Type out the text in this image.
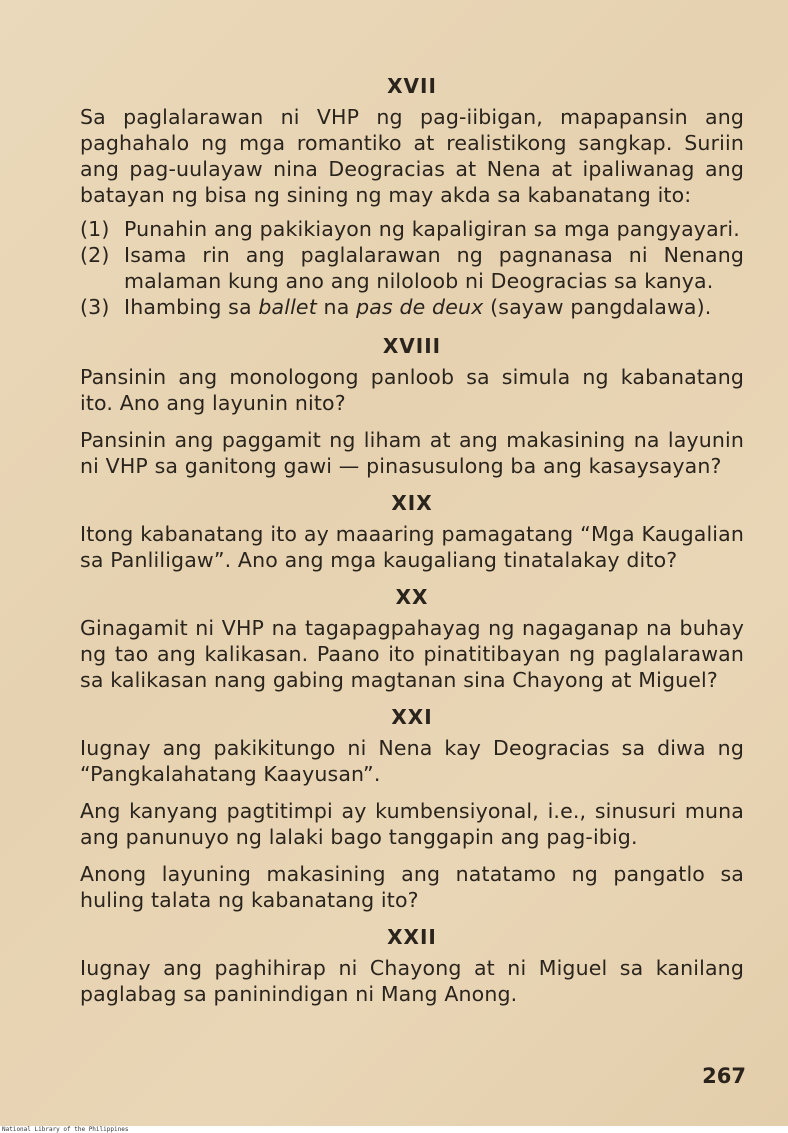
XVII

Sa paglalarawan ni VHP ng pag-iibigan, mapapansin ang paghahalo ng mga romantiko at realistikong sangkap. Suriin ang pag-uulayaw nina Deogracias at Nena at ipaliwanag ang batayan ng bisa ng sining ng may akda sa kabanatang ito:

(1) Punahin ang pakikiayon ng kapaligiran sa mga pangyayari.
(2) Isama rin ang paglalarawan ng pagnanasa ni Nenang malaman kung ano ang niloloob ni Deogracias sa kanya.
(3) Ihambing sa ballet na pas de deux (sayaw pangdalawa).
XVIII

Pansinin ang monologong panloob sa simula ng kabanatang ito. Ano ang layunin nito?

Pansinin ang paggamit ng liham at ang makasining na layunin ni VHP sa ganitong gawi — pinasusulong ba ang kasaysayan?

XIX

Itong kabanatang ito ay maaaring pamagatang “Mga Kaugalian sa Panliligaw”. Ano ang mga kaugaliang tinatalakay dito?

XX

Ginagamit ni VHP na tagapagpahayag ng nagaganap na buhay ng tao ang kalikasan. Paano ito pinatitibayan ng paglalarawan sa kalikasan nang gabing magtanan sina Chayong at Miguel?

XXI

Iugnay ang pakikitungo ni Nena kay Deogracias sa diwa ng “Pangkalahatang Kaayusan”.

Ang kanyang pagtitimpi ay kumbensiyonal, i.e., sinusuri muna ang panunuyo ng lalaki bago tanggapin ang pag-ibig.

Anong layuning makasining ang natatamo ng pangatlo sa huling talata ng kabanatang ito?

XXII

Iugnay ang paghihirap ni Chayong at ni Miguel sa kanilang paglabag sa paninindigan ni Mang Anong.

267
National Library of the Philippines
